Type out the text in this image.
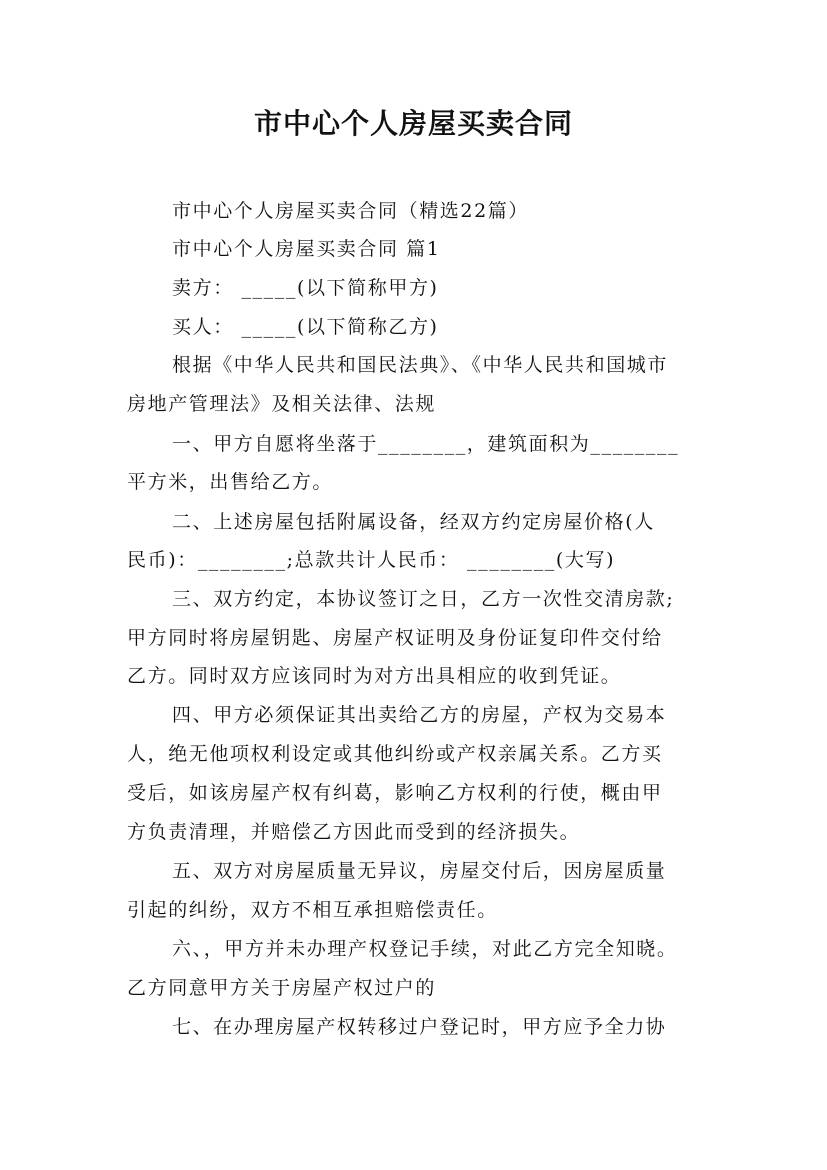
市中心个人房屋买卖合同
市中心个人房屋买卖合同（精选22篇）
市中心个人房屋买卖合同 篇1
卖方： _____(以下简称甲方)
买人： _____(以下简称乙方)
根据《中华人民共和国民法典》、《中华人民共和国城市
房地产管理法》及相关法律、法规
一、甲方自愿将坐落于________，建筑面积为________
平方米，出售给乙方。
二、上述房屋包括附属设备，经双方约定房屋价格(人
民币)：________;总款共计人民币： ________(大写)
三、双方约定，本协议签订之日，乙方一次性交清房款;
甲方同时将房屋钥匙、房屋产权证明及身份证复印件交付给
乙方。同时双方应该同时为对方出具相应的收到凭证。
四、甲方必须保证其出卖给乙方的房屋，产权为交易本
人，绝无他项权利设定或其他纠纷或产权亲属关系。乙方买
受后，如该房屋产权有纠葛，影响乙方权利的行使，概由甲
方负责清理，并赔偿乙方因此而受到的经济损失。
五、双方对房屋质量无异议，房屋交付后，因房屋质量
引起的纠纷，双方不相互承担赔偿责任。
六、，甲方并未办理产权登记手续，对此乙方完全知晓。
乙方同意甲方关于房屋产权过户的
七、在办理房屋产权转移过户登记时，甲方应予全力协
